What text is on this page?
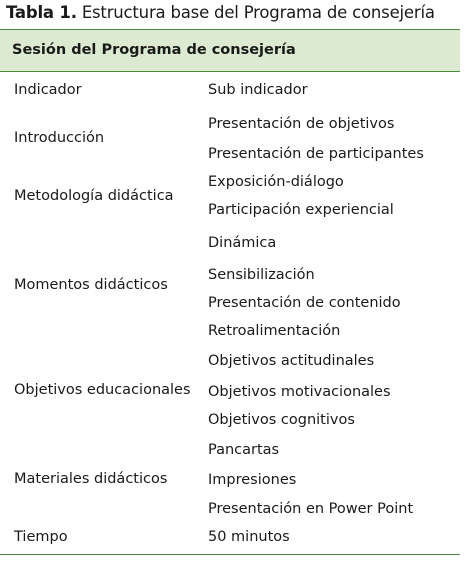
Tabla 1. Estructura base del Programa de consejería
Sesión del Programa de consejería
Indicador	Sub indicador
Introducción
Presentación de objetivos
Presentación de participantes
Metodología didáctica
Exposición-diálogo
Participación experiencial
Momentos didácticos
Dinámica
Sensibilización
Presentación de contenido
Retroalimentación
Objetivos educacionales
Objetivos actitudinales
Objetivos motivacionales
Objetivos cognitivos
Materiales didácticos
Pancartas
Impresiones
Presentación en Power Point
Tiempo	50 minutos
